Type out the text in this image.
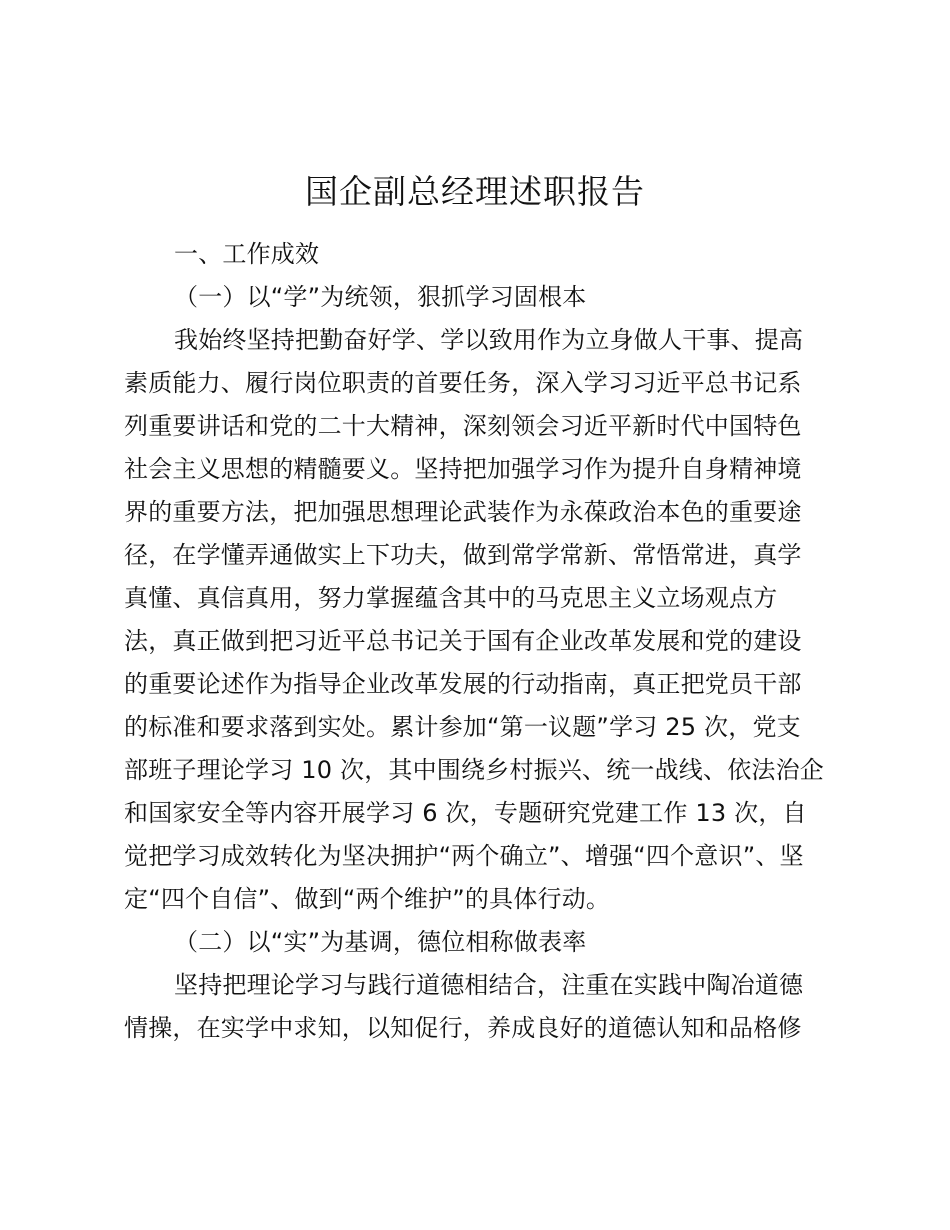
国企副总经理述职报告
一、工作成效
（一）以“学”为统领，狠抓学习固根本
我始终坚持把勤奋好学、学以致用作为立身做人干事、提高
素质能力、履行岗位职责的首要任务，深入学习习近平总书记系
列重要讲话和党的二十大精神，深刻领会习近平新时代中国特色
社会主义思想的精髓要义。坚持把加强学习作为提升自身精神境
界的重要方法，把加强思想理论武装作为永葆政治本色的重要途
径，在学懂弄通做实上下功夫，做到常学常新、常悟常进，真学
真懂、真信真用，努力掌握蕴含其中的马克思主义立场观点方
法，真正做到把习近平总书记关于国有企业改革发展和党的建设
的重要论述作为指导企业改革发展的行动指南，真正把党员干部
的标准和要求落到实处。累计参加“第一议题”学习 25 次，党支
部班子理论学习 10 次，其中围绕乡村振兴、统一战线、依法治企
和国家安全等内容开展学习 6 次，专题研究党建工作 13 次，自
觉把学习成效转化为坚决拥护“两个确立”、增强“四个意识”、坚
定“四个自信”、做到“两个维护”的具体行动。
（二）以“实”为基调，德位相称做表率
坚持把理论学习与践行道德相结合，注重在实践中陶冶道德
情操，在实学中求知，以知促行，养成良好的道德认知和品格修
